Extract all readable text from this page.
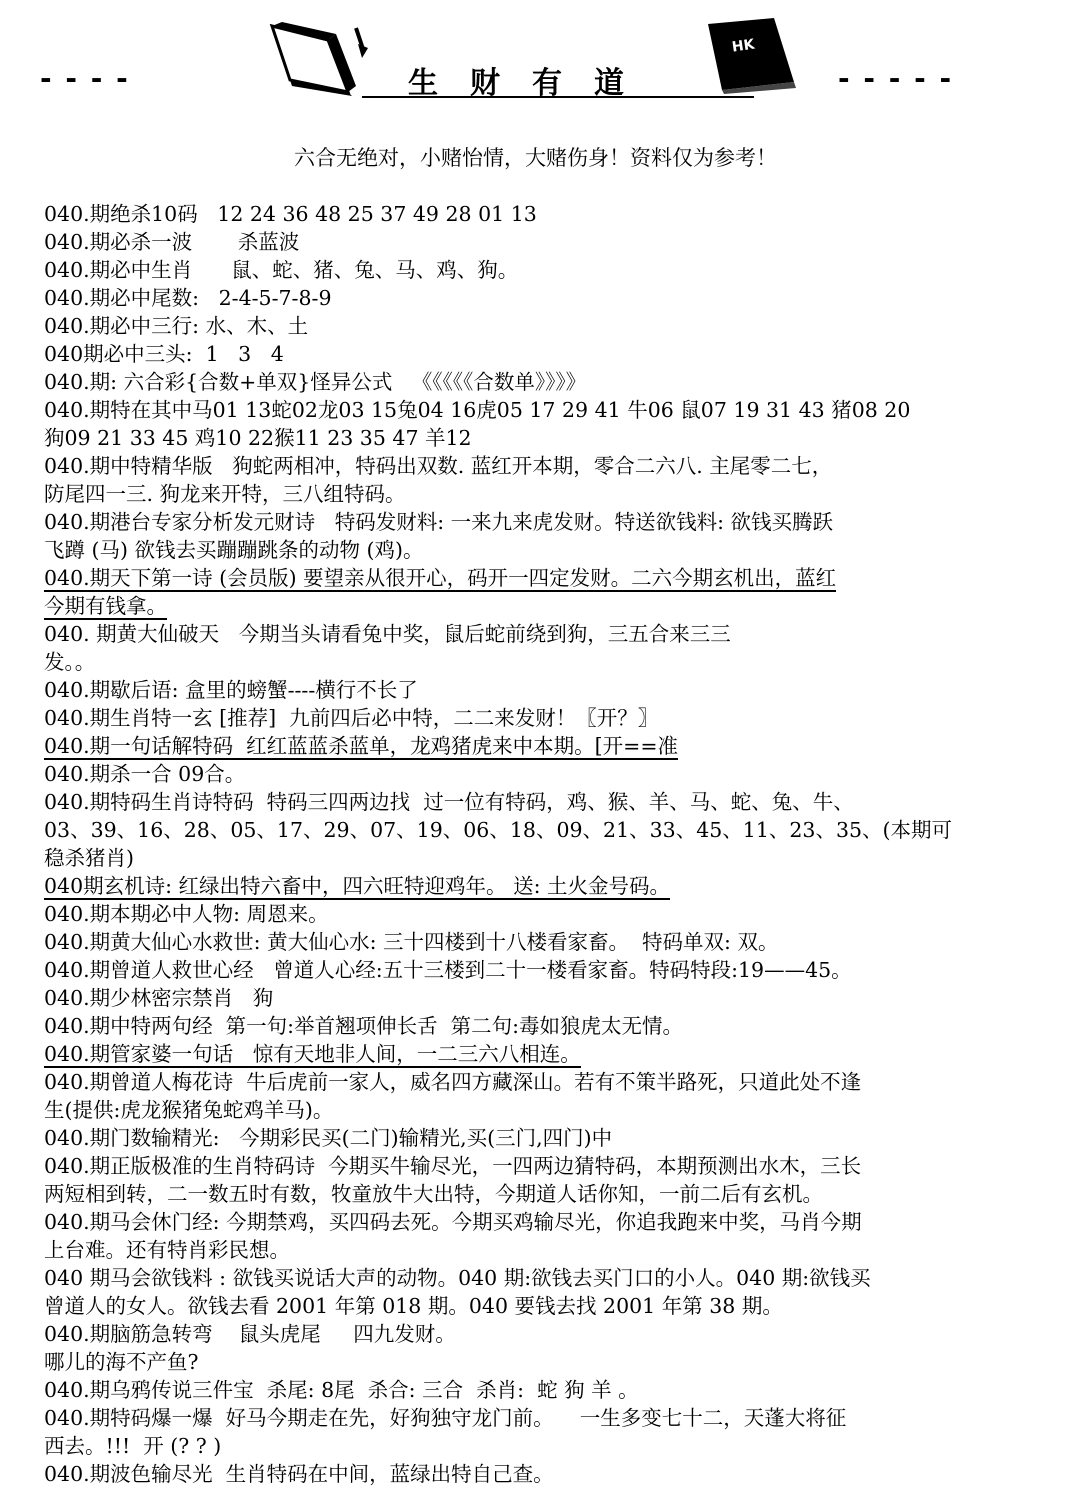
- - - -	生财有道
HK
- - - - -
六合无绝对，小赌怡情，大赌伤身！资料仅为参考！
040.期绝杀10码   12 24 36 48 25 37 49 28 01 13
040.期必杀一波       杀蓝波
040.期必中生肖      鼠、蛇、猪、兔、马、鸡、狗。
040.期必中尾数:   2-4-5-7-8-9
040.期必中三行: 水、木、土
040期必中三头:  1   3   4
040.期: 六合彩{合数+单双}怪异公式   《《《《《合数单》》》》
040.期特在其中马01 13蛇02龙03 15兔04 16虎05 17 29 41 牛06 鼠07 19 31 43 猪08 20
狗09 21 33 45 鸡10 22猴11 23 35 47 羊12
040.期中特精华版   狗蛇两相冲，特码出双数. 蓝红开本期，零合二六八. 主尾零二七，
防尾四一三. 狗龙来开特，三八组特码。
040.期港台专家分析发元财诗   特码发财料: 一来九来虎发财。特送欲钱料: 欲钱买腾跃
飞蹲 (马) 欲钱去买蹦蹦跳条的动物 (鸡)。
040.期天下第一诗 (会员版) 要望亲从很开心，码开一四定发财。二六今期玄机出，蓝红
今期有钱拿。
040. 期黄大仙破天   今期当头请看兔中奖，鼠后蛇前绕到狗，三五合来三三
发。。
040.期歇后语: 盒里的螃蟹----横行不长了
040.期生肖特一玄 [推荐]  九前四后必中特，二二来发财！〖开？〗
040.期一句话解特码  红红蓝蓝杀蓝单，龙鸡猪虎来中本期。[开==准
040.期杀一合 09合。
040.期特码生肖诗特码  特码三四两边找  过一位有特码，鸡、猴、羊、马、蛇、兔、牛、
03、39、16、28、05、17、29、07、19、06、18、09、21、33、45、11、23、35、(本期可
稳杀猪肖)
040期玄机诗: 红绿出特六畜中，四六旺特迎鸡年。 送: 土火金号码。
040.期本期必中人物: 周恩来。
040.期黄大仙心水救世: 黄大仙心水: 三十四楼到十八楼看家畜。  特码单双: 双。
040.期曾道人救世心经   曾道人心经:五十三楼到二十一楼看家畜。特码特段:19——45。
040.期少林密宗禁肖   狗
040.期中特两句经  第一句:举首翘项伸长舌  第二句:毒如狼虎太无情。
040.期管家婆一句话   惊有天地非人间，一二三六八相连。
040.期曾道人梅花诗  牛后虎前一家人，威名四方藏深山。若有不策半路死，只道此处不逢
生(提供:虎龙猴猪兔蛇鸡羊马)。
040.期门数输精光:   今期彩民买(二门)输精光,买(三门,四门)中
040.期正版极准的生肖特码诗  今期买牛输尽光，一四两边猜特码，本期预测出水木，三长
两短相到转，二一数五时有数，牧童放牛大出特，今期道人话你知，一前二后有玄机。
040.期马会休门经: 今期禁鸡，买四码去死。今期买鸡输尽光，你追我跑来中奖，马肖今期
上台难。还有特肖彩民想。
040 期马会欲钱料 : 欲钱买说话大声的动物。040 期:欲钱去买门口的小人。040 期:欲钱买
曾道人的女人。欲钱去看 2001 年第 018 期。040 要钱去找 2001 年第 38 期。
040.期脑筋急转弯    鼠头虎尾     四九发财。
哪儿的海不产鱼?
040.期乌鸦传说三件宝  杀尾: 8尾  杀合: 三合  杀肖:  蛇 狗 羊 。
040.期特码爆一爆  好马今期走在先，好狗独守龙门前。    一生多变七十二，天蓬大将征
西去。!!!  开 (? ? )
040.期波色输尽光  生肖特码在中间，蓝绿出特自己查。
